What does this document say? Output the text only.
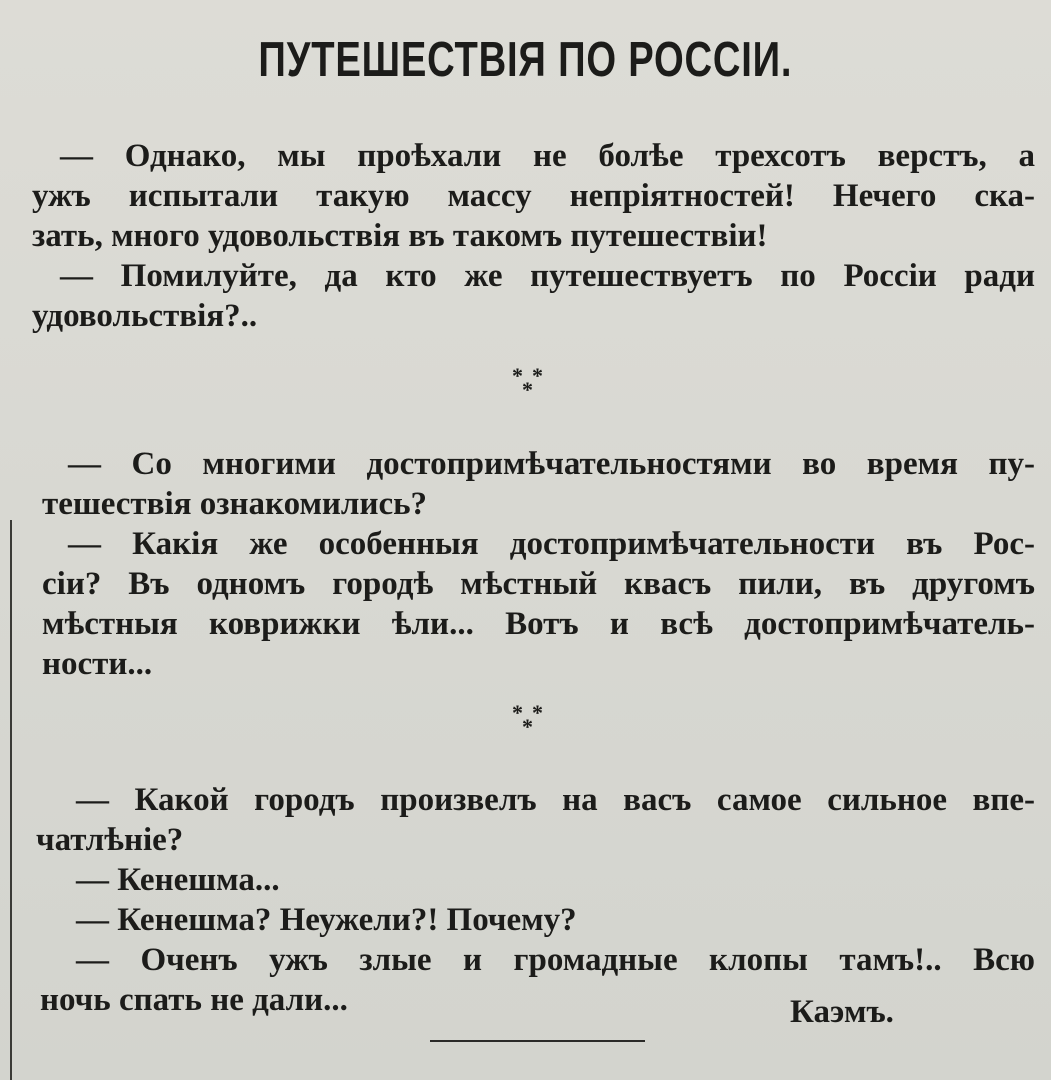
ПУТЕШЕСТВІЯ ПО РОССІИ.
— Однако, мы проѣхали не болѣе трехсотъ верстъ, а
ужъ испытали такую массу непріятностей! Нечего ска-
зать, много удовольствія въ такомъ путешествіи!
— Помилуйте, да кто же путешествуетъ по Россіи ради
удовольствія?..
* *
*
— Со многими достопримѣчательностями во время пу-
тешествія ознакомились?
— Какія же особенныя достопримѣчательности въ Рос-
сіи? Въ одномъ городѣ мѣстный квасъ пили, въ другомъ
мѣстныя коврижки ѣли... Вотъ и всѣ достопримѣчатель-
ности...
* *
*
— Какой городъ произвелъ на васъ самое сильное впе-
чатлѣніе?
— Кенешма...
— Кенешма? Неужели?! Почему?
— Оченъ ужъ злые и громадные клопы тамъ!.. Всю
ночь спать не дали...	Каэмъ.
